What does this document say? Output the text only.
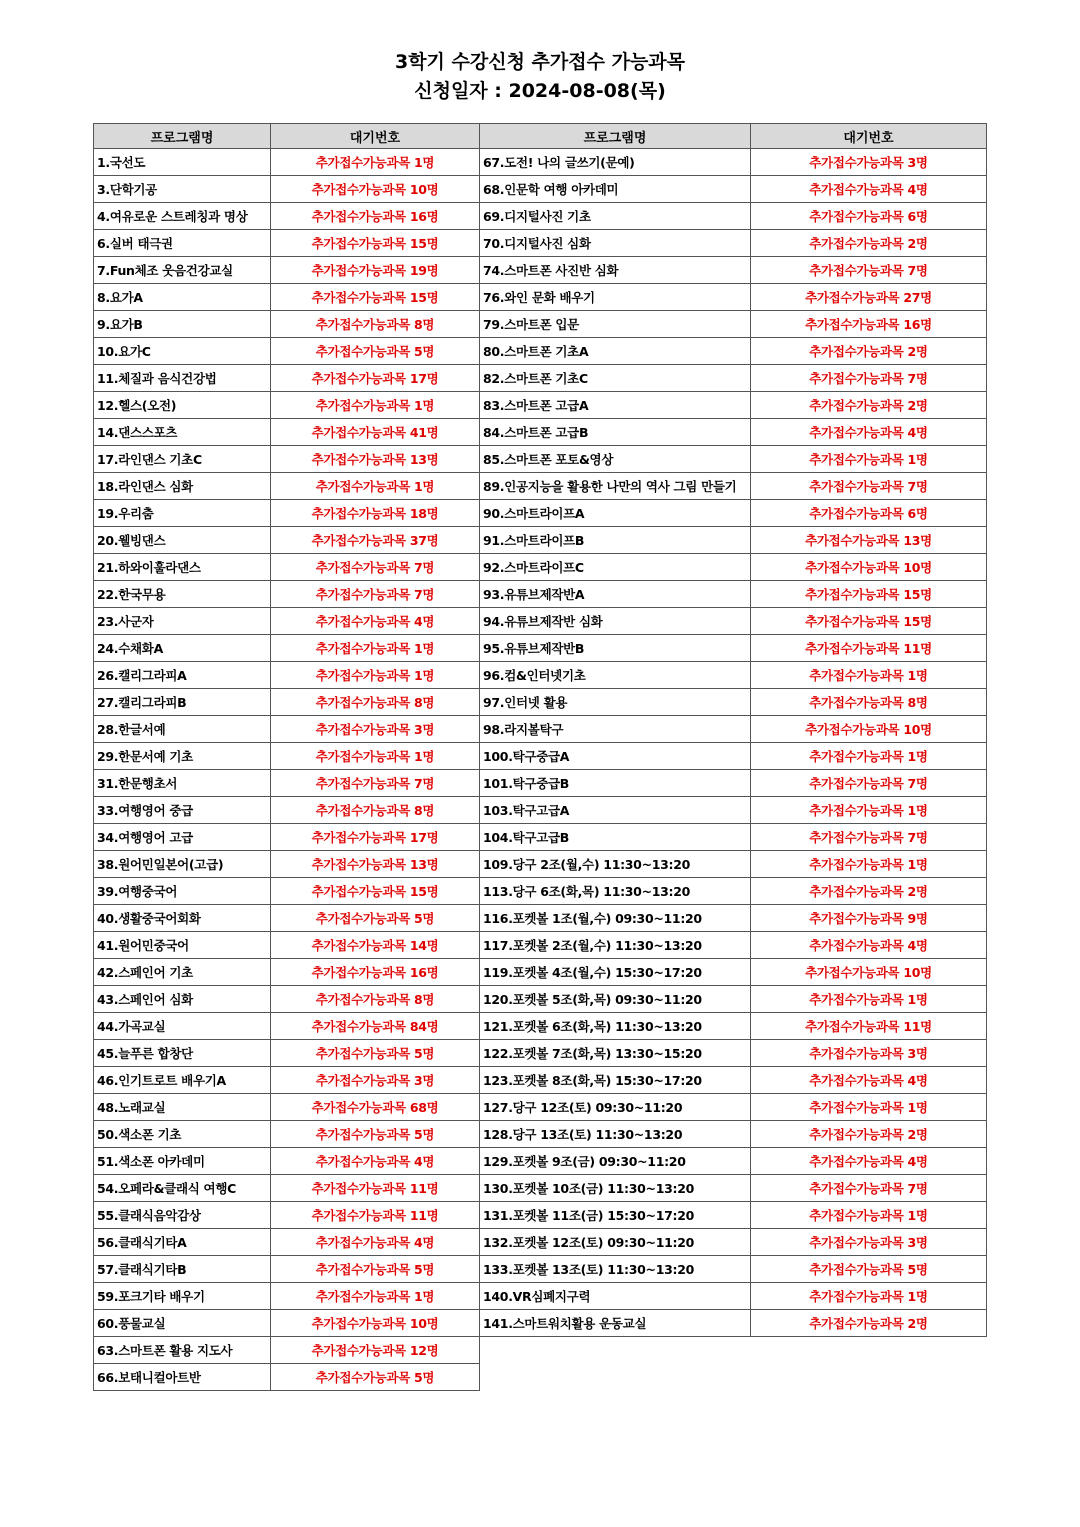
3학기 수강신청 추가접수 가능과목
신청일자 : 2024-08-08(목)
프로그램명	대기번호
1.국선도	추가접수가능과목 1명
3.단학기공	추가접수가능과목 10명
4.여유로운 스트레칭과 명상	추가접수가능과목 16명
6.실버 태극권	추가접수가능과목 15명
7.Fun체조 웃음건강교실	추가접수가능과목 19명
8.요가A	추가접수가능과목 15명
9.요가B	추가접수가능과목 8명
10.요가C	추가접수가능과목 5명
11.체질과 음식건강법	추가접수가능과목 17명
12.헬스(오전)	추가접수가능과목 1명
14.댄스스포츠	추가접수가능과목 41명
17.라인댄스 기초C	추가접수가능과목 13명
18.라인댄스 심화	추가접수가능과목 1명
19.우리춤	추가접수가능과목 18명
20.웰빙댄스	추가접수가능과목 37명
21.하와이훌라댄스	추가접수가능과목 7명
22.한국무용	추가접수가능과목 7명
23.사군자	추가접수가능과목 4명
24.수채화A	추가접수가능과목 1명
26.캘리그라피A	추가접수가능과목 1명
27.캘리그라피B	추가접수가능과목 8명
28.한글서예	추가접수가능과목 3명
29.한문서예 기초	추가접수가능과목 1명
31.한문행초서	추가접수가능과목 7명
33.여행영어 중급	추가접수가능과목 8명
34.여행영어 고급	추가접수가능과목 17명
38.원어민일본어(고급)	추가접수가능과목 13명
39.여행중국어	추가접수가능과목 15명
40.생활중국어회화	추가접수가능과목 5명
41.원어민중국어	추가접수가능과목 14명
42.스페인어 기초	추가접수가능과목 16명
43.스페인어 심화	추가접수가능과목 8명
44.가곡교실	추가접수가능과목 84명
45.늘푸른 합창단	추가접수가능과목 5명
46.인기트로트 배우기A	추가접수가능과목 3명
48.노래교실	추가접수가능과목 68명
50.색소폰 기초	추가접수가능과목 5명
51.색소폰 아카데미	추가접수가능과목 4명
54.오페라&클래식 여행C	추가접수가능과목 11명
55.클래식음악감상	추가접수가능과목 11명
56.클래식기타A	추가접수가능과목 4명
57.클래식기타B	추가접수가능과목 5명
59.포크기타 배우기	추가접수가능과목 1명
60.풍물교실	추가접수가능과목 10명
63.스마트폰 활용 지도사	추가접수가능과목 12명
66.보태니컬아트반	추가접수가능과목 5명
프로그램명	대기번호
67.도전! 나의 글쓰기(문예)	추가접수가능과목 3명
68.인문학 여행 아카데미	추가접수가능과목 4명
69.디지털사진 기초	추가접수가능과목 6명
70.디지털사진 심화	추가접수가능과목 2명
74.스마트폰 사진반 심화	추가접수가능과목 7명
76.와인 문화 배우기	추가접수가능과목 27명
79.스마트폰 입문	추가접수가능과목 16명
80.스마트폰 기초A	추가접수가능과목 2명
82.스마트폰 기초C	추가접수가능과목 7명
83.스마트폰 고급A	추가접수가능과목 2명
84.스마트폰 고급B	추가접수가능과목 4명
85.스마트폰 포토&영상	추가접수가능과목 1명
89.인공지능을 활용한 나만의 역사 그림 만들기	추가접수가능과목 7명
90.스마트라이프A	추가접수가능과목 6명
91.스마트라이프B	추가접수가능과목 13명
92.스마트라이프C	추가접수가능과목 10명
93.유튜브제작반A	추가접수가능과목 15명
94.유튜브제작반 심화	추가접수가능과목 15명
95.유튜브제작반B	추가접수가능과목 11명
96.컴&인터넷기초	추가접수가능과목 1명
97.인터넷 활용	추가접수가능과목 8명
98.라지볼탁구	추가접수가능과목 10명
100.탁구중급A	추가접수가능과목 1명
101.탁구중급B	추가접수가능과목 7명
103.탁구고급A	추가접수가능과목 1명
104.탁구고급B	추가접수가능과목 7명
109.당구 2조(월,수) 11:30~13:20	추가접수가능과목 1명
113.당구 6조(화,목) 11:30~13:20	추가접수가능과목 2명
116.포켓볼 1조(월,수) 09:30~11:20	추가접수가능과목 9명
117.포켓볼 2조(월,수) 11:30~13:20	추가접수가능과목 4명
119.포켓볼 4조(월,수) 15:30~17:20	추가접수가능과목 10명
120.포켓볼 5조(화,목) 09:30~11:20	추가접수가능과목 1명
121.포켓볼 6조(화,목) 11:30~13:20	추가접수가능과목 11명
122.포켓볼 7조(화,목) 13:30~15:20	추가접수가능과목 3명
123.포켓볼 8조(화,목) 15:30~17:20	추가접수가능과목 4명
127.당구 12조(토) 09:30~11:20	추가접수가능과목 1명
128.당구 13조(토) 11:30~13:20	추가접수가능과목 2명
129.포켓볼 9조(금) 09:30~11:20	추가접수가능과목 4명
130.포켓볼 10조(금) 11:30~13:20	추가접수가능과목 7명
131.포켓볼 11조(금) 15:30~17:20	추가접수가능과목 1명
132.포켓볼 12조(토) 09:30~11:20	추가접수가능과목 3명
133.포켓볼 13조(토) 11:30~13:20	추가접수가능과목 5명
140.VR심폐지구력	추가접수가능과목 1명
141.스마트워치활용 운동교실	추가접수가능과목 2명
